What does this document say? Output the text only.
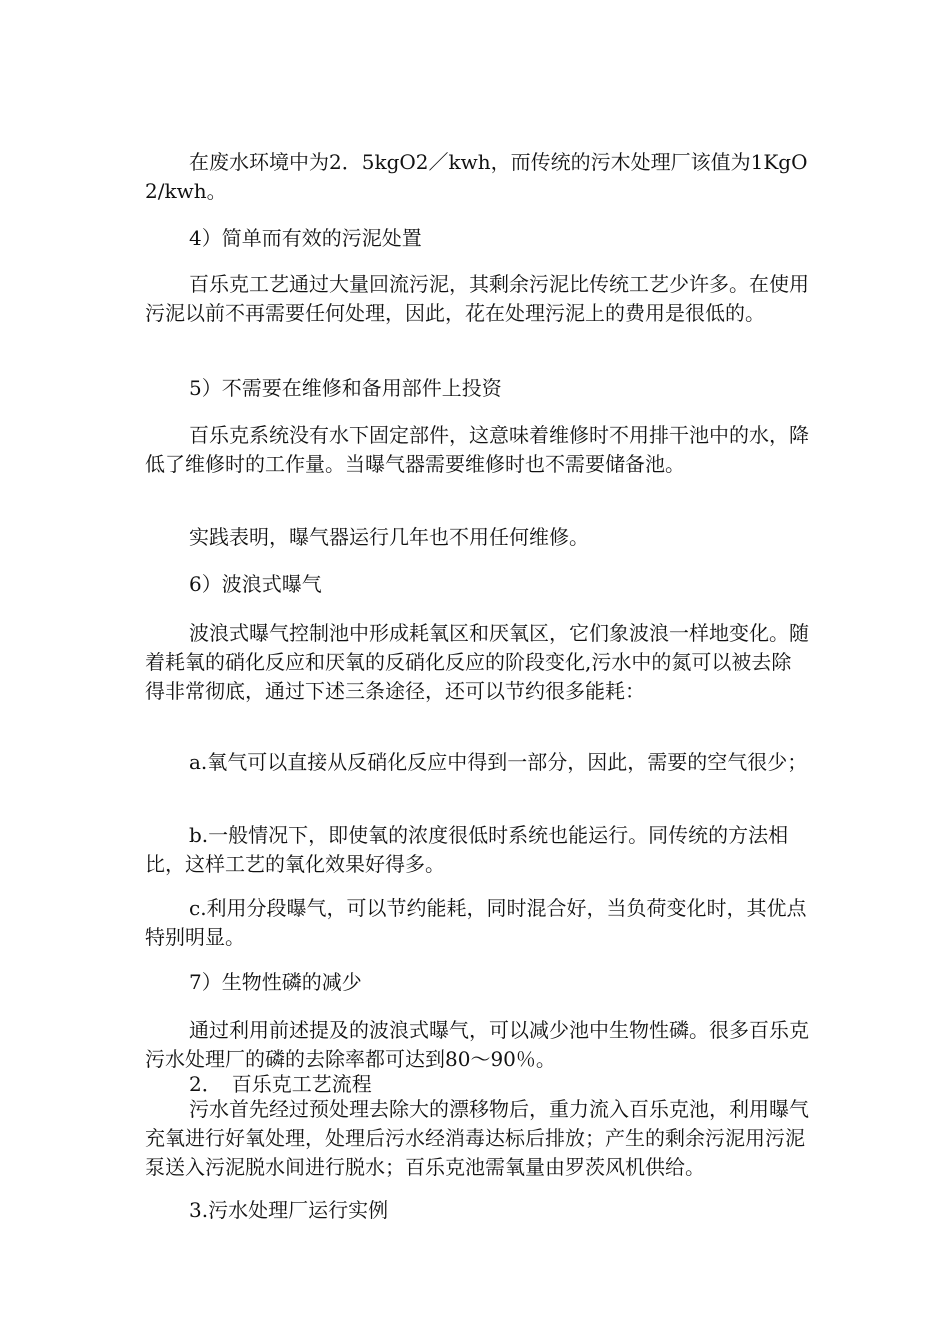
在废水环境中为2．5kgO2／kwh，而传统的污木处理厂该值为1KgO2/kwh。

4）简单而有效的污泥处置

百乐克工艺通过大量回流污泥，其剩余污泥比传统工艺少许多。在使用污泥以前不再需要任何处理，因此，花在处理污泥上的费用是很低的。

5）不需要在维修和备用部件上投资

百乐克系统没有水下固定部件，这意味着维修时不用排干池中的水，降低了维修时的工作量。当曝气器需要维修时也不需要储备池。

实践表明，曝气器运行几年也不用任何维修。

6）波浪式曝气

波浪式曝气控制池中形成耗氧区和厌氧区，它们象波浪一样地变化。随着耗氧的硝化反应和厌氧的反硝化反应的阶段变化,污水中的氮可以被去除得非常彻底，通过下述三条途径，还可以节约很多能耗：

a.氧气可以直接从反硝化反应中得到一部分，因此，需要的空气很少；

b.一般情况下，即使氧的浓度很低时系统也能运行。同传统的方法相比，这样工艺的氧化效果好得多。

c.利用分段曝气，可以节约能耗，同时混合好，当负荷变化时，其优点特别明显。

7）生物性磷的减少

通过利用前述提及的波浪式曝气，可以减少池中生物性磷。很多百乐克污水处理厂的磷的去除率都可达到80～90％。

2．　百乐克工艺流程

污水首先经过预处理去除大的漂移物后，重力流入百乐克池，利用曝气充氧进行好氧处理，处理后污水经消毒达标后排放；产生的剩余污泥用污泥泵送入污泥脱水间进行脱水；百乐克池需氧量由罗茨风机供给。

3.污水处理厂运行实例
